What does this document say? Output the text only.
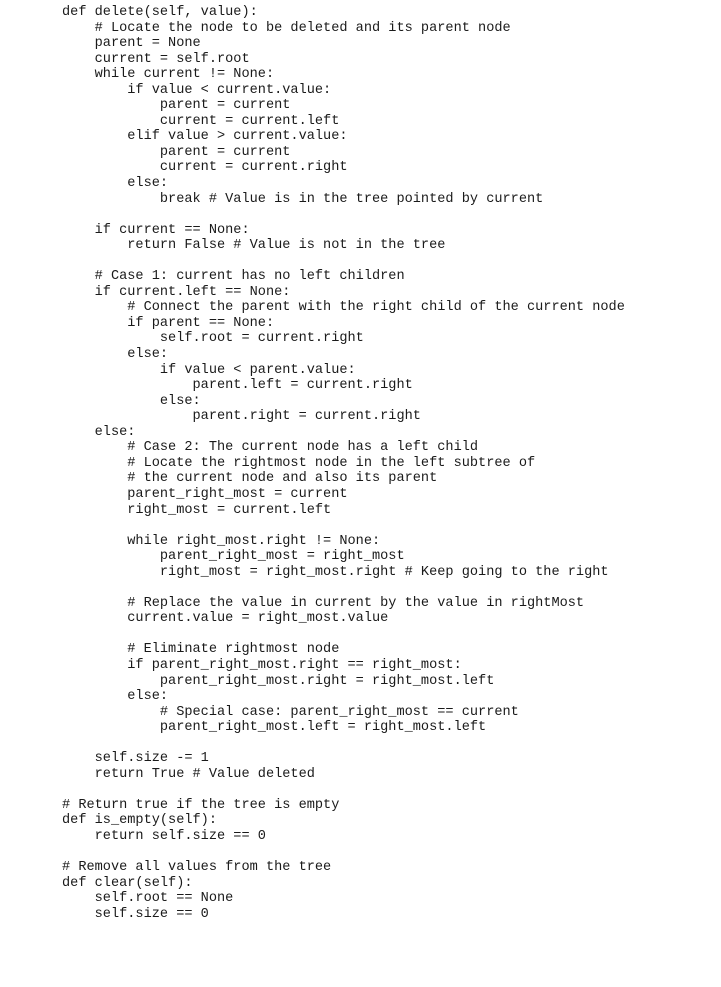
def delete(self, value):
# Locate the node to be deleted and its parent node
parent = None
current = self.root
while current != None:
if value < current.value:
parent = current
current = current.left
elif value > current.value:
parent = current
current = current.right
else:
break # Value is in the tree pointed by current
if current == None:
return False # Value is not in the tree
# Case 1: current has no left children
if current.left == None:
# Connect the parent with the right child of the current node
if parent == None:
self.root = current.right
else:
if value < parent.value:
parent.left = current.right
else:
parent.right = current.right
else:
# Case 2: The current node has a left child
# Locate the rightmost node in the left subtree of
# the current node and also its parent
parent_right_most = current
right_most = current.left
while right_most.right != None:
parent_right_most = right_most
right_most = right_most.right # Keep going to the right
# Replace the value in current by the value in rightMost
current.value = right_most.value
# Eliminate rightmost node
if parent_right_most.right == right_most:
parent_right_most.right = right_most.left
else:
# Special case: parent_right_most == current
parent_right_most.left = right_most.left
self.size -= 1
return True # Value deleted
# Return true if the tree is empty
def is_empty(self):
return self.size == 0
# Remove all values from the tree
def clear(self):
self.root == None
self.size == 0
